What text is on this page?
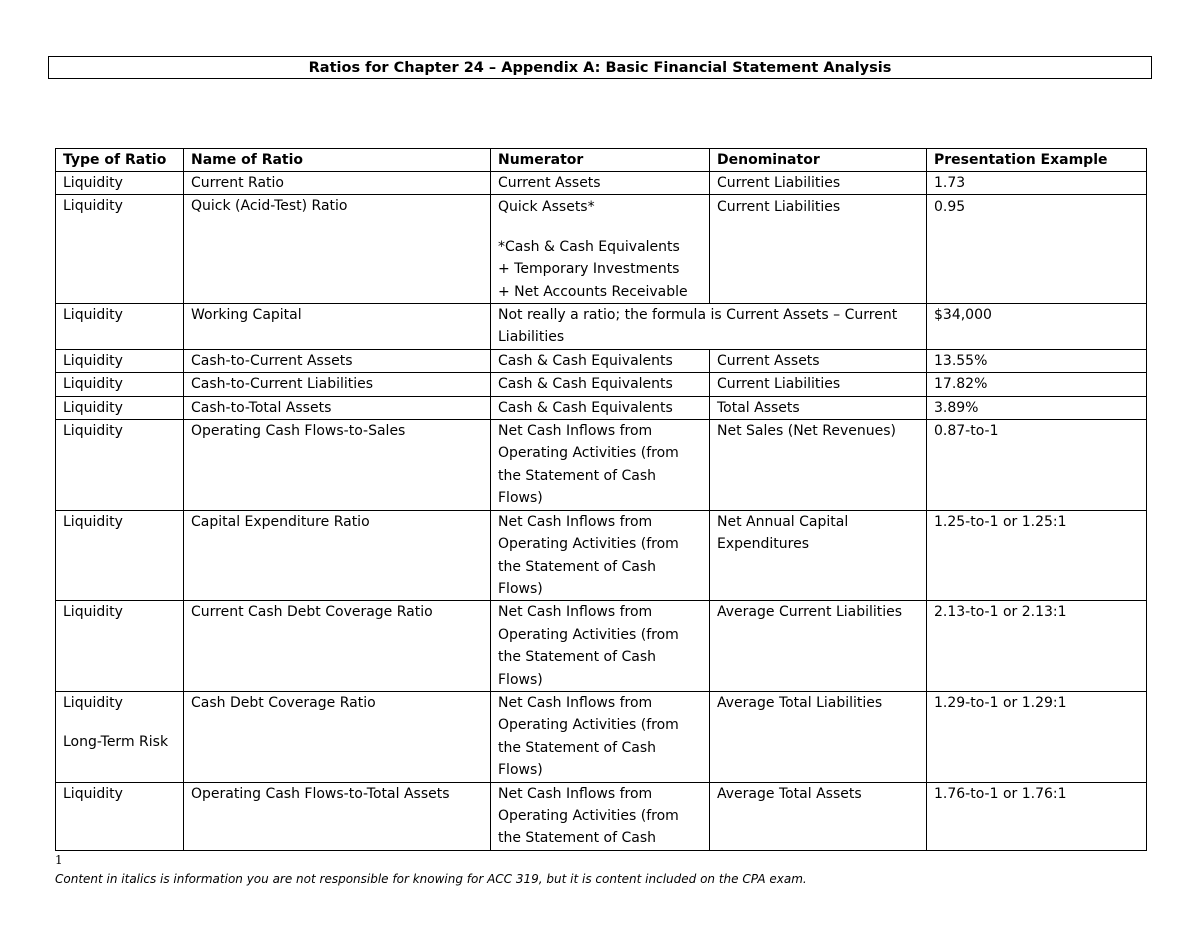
Ratios for Chapter 24 – Appendix A: Basic Financial Statement Analysis
Type of Ratio	Name of Ratio	Numerator	Denominator	Presentation Example
Liquidity	Current Ratio	Current Assets	Current Liabilities	1.73
Liquidity	Quick (Acid-Test) Ratio	Quick Assets*
*Cash & Cash Equivalents
+ Temporary Investments
+ Net Accounts Receivable	Current Liabilities	0.95
Liquidity	Working Capital	Not really a ratio; the formula is Current Assets – Current Liabilities		$34,000
Liquidity	Cash-to-Current Assets	Cash & Cash Equivalents	Current Assets	13.55%
Liquidity	Cash-to-Current Liabilities	Cash & Cash Equivalents	Current Liabilities	17.82%
Liquidity	Cash-to-Total Assets	Cash & Cash Equivalents	Total Assets	3.89%
Liquidity	Operating Cash Flows-to-Sales	Net Cash Inflows from Operating Activities (from the Statement of Cash Flows)	Net Sales (Net Revenues)	0.87-to-1
Liquidity	Capital Expenditure Ratio	Net Cash Inflows from Operating Activities (from the Statement of Cash Flows)	Net Annual Capital Expenditures	1.25-to-1 or 1.25:1
Liquidity	Current Cash Debt Coverage Ratio	Net Cash Inflows from Operating Activities (from the Statement of Cash Flows)	Average Current Liabilities	2.13-to-1 or 2.13:1

Liquidity
Long-Term Risk	Cash Debt Coverage Ratio	Net Cash Inflows from Operating Activities (from the Statement of Cash Flows)	Average Total Liabilities	1.29-to-1 or 1.29:1
Liquidity	Operating Cash Flows-to-Total Assets	Net Cash Inflows from Operating Activities (from the Statement of Cash	Average Total Assets	1.76-to-1 or 1.76:1
1
Content in italics is information you are not responsible for knowing for ACC 319, but it is content included on the CPA exam.
